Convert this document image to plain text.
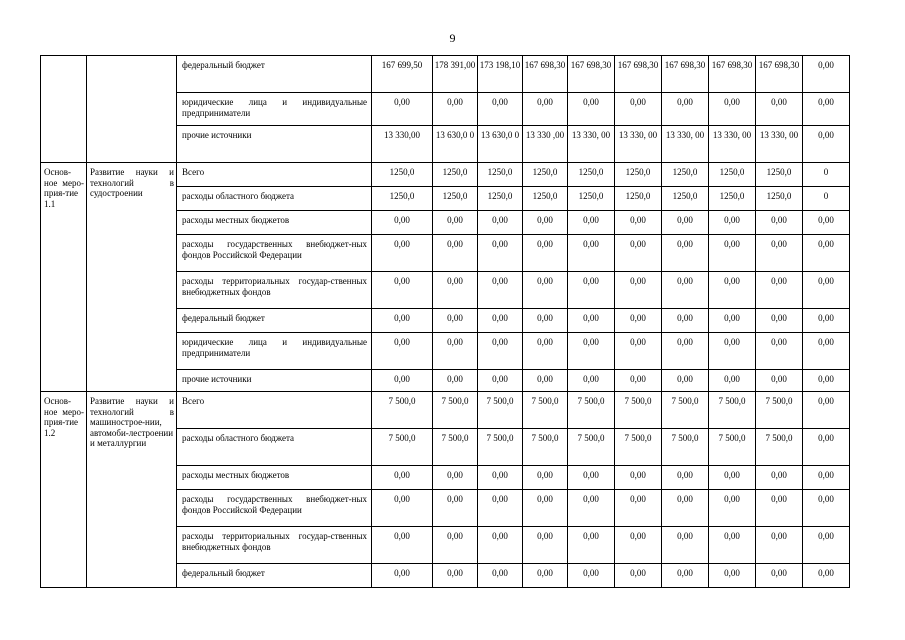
9
		федеральный бюджет	167 699,50	178 391,00	173 198,10	167 698,30	167 698,30	167 698,30	167 698,30	167 698,30	167 698,30	0,00
		юридические лица и индивидуальные предприниматели	0,00	0,00	0,00	0,00	0,00	0,00	0,00	0,00	0,00	0,00
		прочие источники	13 330,00	13 630,0 0	13 630,0 0	13 330 ,00	13 330, 00	13 330, 00	13 330, 00	13 330, 00	13 330, 00	0,00
Основ-ное меро-прия-тие 1.1	Развитие науки и технологий в судостроении	Всего	1250,0	1250,0	1250,0	1250,0	1250,0	1250,0	1250,0	1250,0	1250,0	0
		расходы областного бюджета	1250,0	1250,0	1250,0	1250,0	1250,0	1250,0	1250,0	1250,0	1250,0	0
		расходы местных бюджетов	0,00	0,00	0,00	0,00	0,00	0,00	0,00	0,00	0,00	0,00
		расходы государственных внебюджет-ных фондов Российской Федерации	0,00	0,00	0,00	0,00	0,00	0,00	0,00	0,00	0,00	0,00
		расходы территориальных государ-ственных внебюджетных фондов	0,00	0,00	0,00	0,00	0,00	0,00	0,00	0,00	0,00	0,00
		федеральный бюджет	0,00	0,00	0,00	0,00	0,00	0,00	0,00	0,00	0,00	0,00
		юридические лица и индивидуальные предприниматели	0,00	0,00	0,00	0,00	0,00	0,00	0,00	0,00	0,00	0,00
		прочие источники	0,00	0,00	0,00	0,00	0,00	0,00	0,00	0,00	0,00	0,00
Основ-ное меро-прия-тие 1.2	Развитие науки и технологий в машинострое-нии, автомоби-лестроении и металлургии	Всего	7 500,0	7 500,0	7 500,0	7 500,0	7 500,0	7 500,0	7 500,0	7 500,0	7 500,0	0,00
		расходы областного бюджета	7 500,0	7 500,0	7 500,0	7 500,0	7 500,0	7 500,0	7 500,0	7 500,0	7 500,0	0,00
		расходы местных бюджетов	0,00	0,00	0,00	0,00	0,00	0,00	0,00	0,00	0,00	0,00
		расходы государственных внебюджет-ных фондов Российской Федерации	0,00	0,00	0,00	0,00	0,00	0,00	0,00	0,00	0,00	0,00
		расходы территориальных государ-ственных внебюджетных фондов	0,00	0,00	0,00	0,00	0,00	0,00	0,00	0,00	0,00	0,00
		федеральный бюджет	0,00	0,00	0,00	0,00	0,00	0,00	0,00	0,00	0,00	0,00
